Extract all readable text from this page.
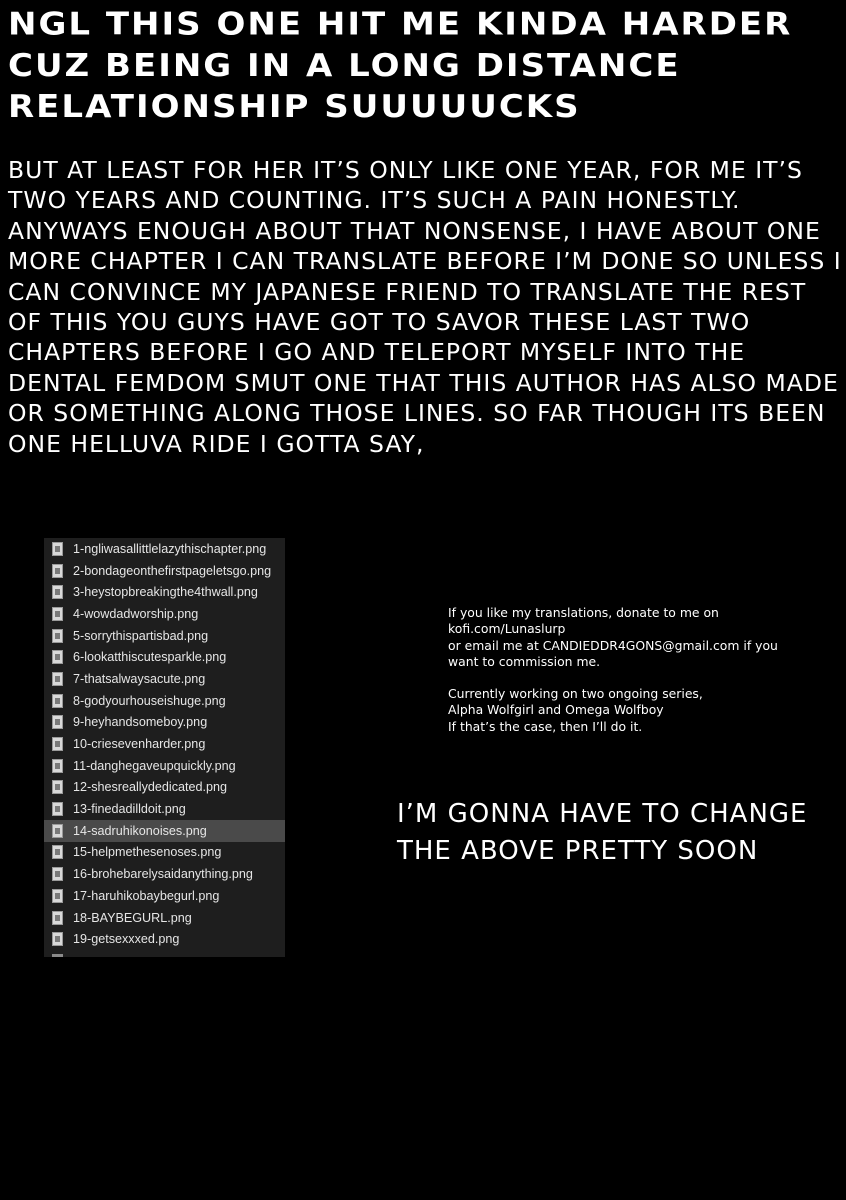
NGL THIS ONE HIT ME KINDA HARDER CUZ BEING IN A LONG DISTANCE RELATIONSHIP SUUUUUCKS
BUT AT LEAST FOR HER IT’S ONLY LIKE ONE YEAR, FOR ME IT’S TWO YEARS AND COUNTING. IT’S SUCH A PAIN HONESTLY. ANYWAYS ENOUGH ABOUT THAT NONSENSE, I HAVE ABOUT ONE MORE CHAPTER I CAN TRANSLATE BEFORE I’M DONE SO UNLESS I CAN CONVINCE MY JAPANESE FRIEND TO TRANSLATE THE REST OF THIS YOU GUYS HAVE GOT TO SAVOR THESE LAST TWO CHAPTERS BEFORE I GO AND TELEPORT MYSELF INTO THE DENTAL FEMDOM SMUT ONE THAT THIS AUTHOR HAS ALSO MADE OR SOMETHING ALONG THOSE LINES. SO FAR THOUGH ITS BEEN ONE HELLUVA RIDE I GOTTA SAY,
1-ngliwasallittlelazythischapter.png
2-bondageonthefirstpageletsgo.png
3-heystopbreakingthe4thwall.png
4-wowdadworship.png
5-sorrythispartisbad.png
6-lookatthiscutesparkle.png
7-thatsalwaysacute.png
8-godyourhouseishuge.png
9-heyhandsomeboy.png
10-criesevenharder.png
11-danghegaveupquickly.png
12-shesreallydedicated.png
13-finedadilldoit.png
14-sadruhikonoises.png
15-helpmethesenoses.png
16-brohebarelysaidanything.png
17-haruhikobaybegurl.png
18-BAYBEGURL.png
19-getsexxxed.png

If you like my translations, donate to me on

kofi.com/Lunaslurp

or email me at CANDIEDDR4GONS@gmail.com if you

want to commission me.

Currently working on two ongoing series,

Alpha Wolfgirl and Omega Wolfboy

If that’s the case, then I’ll do it.

I’M GONNA HAVE TO CHANGE THE ABOVE PRETTY SOON
